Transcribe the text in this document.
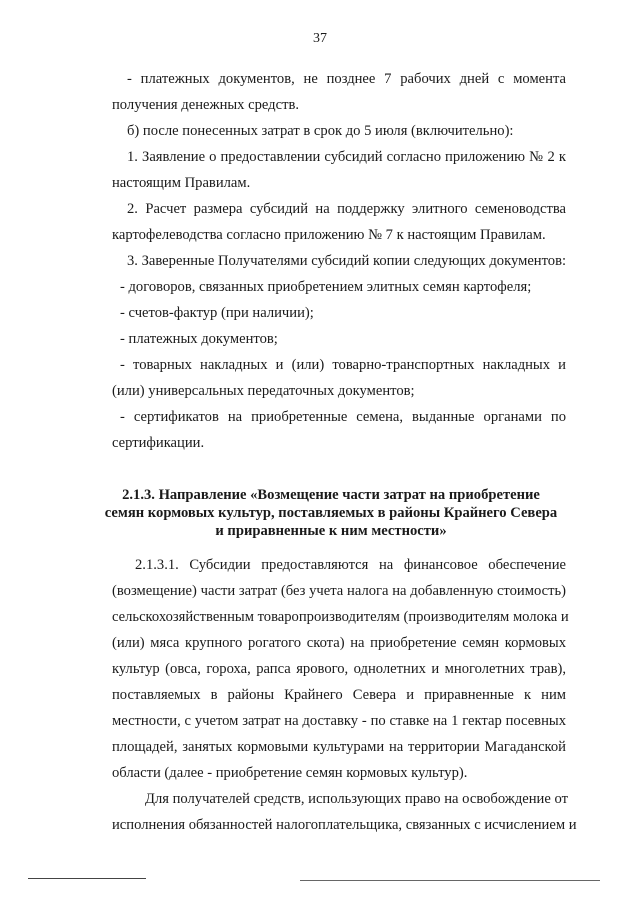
37
- платежных документов, не позднее 7 рабочих дней с момента
получения денежных средств.
б) после понесенных затрат в срок до 5 июля (включительно):
1. Заявление о предоставлении субсидий согласно приложению № 2 к
настоящим Правилам.
2. Расчет размера субсидий на поддержку элитного семеноводства
картофелеводства согласно приложению № 7 к настоящим Правилам.
3. Заверенные Получателями субсидий копии следующих документов:
- договоров, связанных приобретением элитных семян картофеля;
- счетов-фактур (при наличии);
- платежных документов;
- товарных накладных и (или) товарно-транспортных накладных и
(или) универсальных передаточных документов;
- сертификатов на приобретенные семена, выданные органами по
сертификации.
2.1.3. Направление «Возмещение части затрат на приобретение
семян кормовых культур, поставляемых в районы Крайнего Севера
и приравненные к ним местности»
2.1.3.1. Субсидии предоставляются на финансовое обеспечение
(возмещение) части затрат (без учета налога на добавленную стоимость)
сельскохозяйственным товаропроизводителям (производителям молока и
(или) мяса крупного рогатого скота) на приобретение семян кормовых
культур (овса, гороха, рапса ярового, однолетних и многолетних трав),
поставляемых в районы Крайнего Севера и приравненные к ним
местности, с учетом затрат на доставку - по ставке на 1 гектар посевных
площадей, занятых кормовыми культурами на территории Магаданской
области (далее - приобретение семян кормовых культур).
Для получателей средств, использующих право на освобождение от
исполнения обязанностей налогоплательщика, связанных с исчислением и
